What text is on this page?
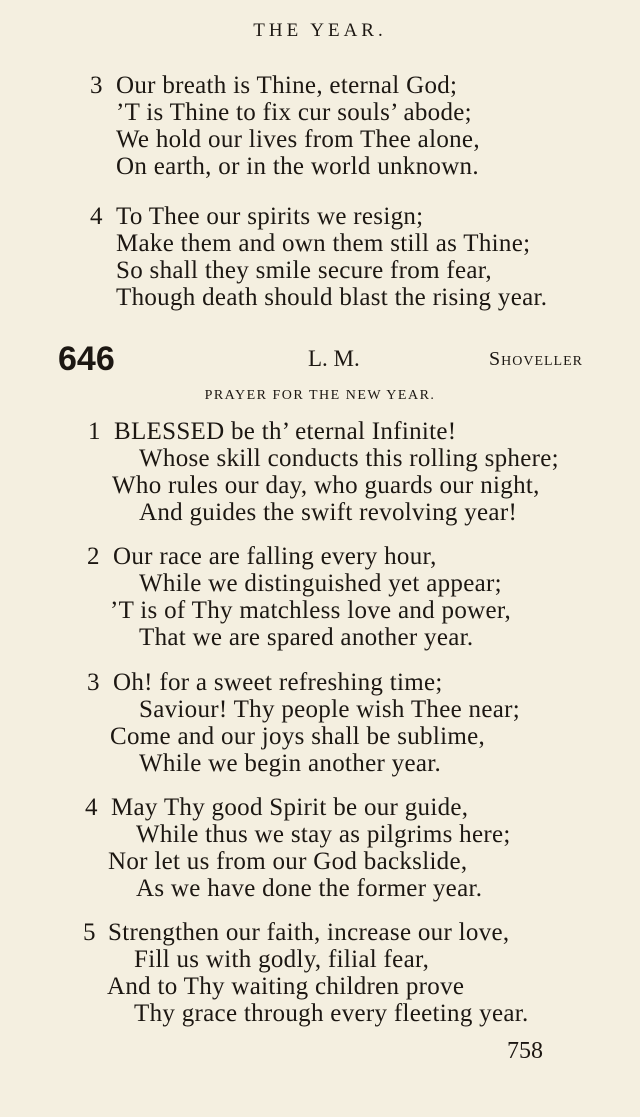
THE YEAR.
3 Our breath is Thine, eternal God;
’T is Thine to fix cur souls’ abode;
We hold our lives from Thee alone,
On earth, or in the world unknown.
4 To Thee our spirits we resign;
Make them and own them still as Thine;
So shall they smile secure from fear,
Though death should blast the rising year.
646	L. M.	Shoveller
PRAYER FOR THE NEW YEAR.
1 BLESSED be th’ eternal Infinite!
Whose skill conducts this rolling sphere;
Who rules our day, who guards our night,
And guides the swift revolving year!
2 Our race are falling every hour,
While we distinguished yet appear;
’T is of Thy matchless love and power,
That we are spared another year.
3 Oh! for a sweet refreshing time;
Saviour! Thy people wish Thee near;
Come and our joys shall be sublime,
While we begin another year.
4 May Thy good Spirit be our guide,
While thus we stay as pilgrims here;
Nor let us from our God backslide,
As we have done the former year.
5 Strengthen our faith, increase our love,
Fill us with godly, filial fear,
And to Thy waiting children prove
Thy grace through every fleeting year.
758
